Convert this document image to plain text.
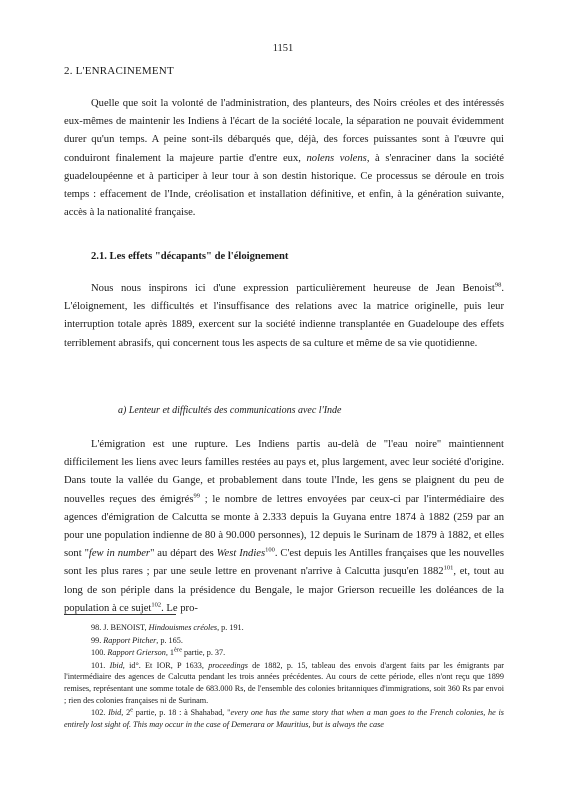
1151
2. L'ENRACINEMENT

Quelle que soit la volonté de l'administration, des planteurs, des Noirs créoles et des intéressés eux-mêmes de maintenir les Indiens à l'écart de la société locale, la séparation ne pouvait évidemment durer qu'un temps. A peine sont-ils débarqués que, déjà, des forces puissantes sont à l'œuvre qui conduiront finalement la majeure partie d'entre eux, nolens volens, à s'enraciner dans la société guadeloupéenne et à participer à leur tour à son destin historique. Ce processus se déroule en trois temps : effacement de l'Inde, créolisation et installation définitive, et enfin, à la génération suivante, accès à la nationalité française.

2.1. Les effets "décapants" de l'éloignement

Nous nous inspirons ici d'une expression particulièrement heureuse de Jean Benoist$^{98}$. L'éloignement, les difficultés et l'insuffisance des relations avec la matrice originelle, puis leur interruption totale après 1889, exercent sur la société indienne transplantée en Guadeloupe des effets terriblement abrasifs, qui concernent tous les aspects de sa culture et même de sa vie quotidienne.

a) Lenteur et difficultés des communications avec l'Inde

L'émigration est une rupture. Les Indiens partis au-delà de "l'eau noire" maintiennent difficilement les liens avec leurs familles restées au pays et, plus largement, avec leur société d'origine. Dans toute la vallée du Gange, et probablement dans toute l'Inde, les gens se plaignent du peu de nouvelles reçues des émigrés$^{99}$ ; le nombre de lettres envoyées par ceux-ci par l'intermédiaire des agences d'émigration de Calcutta se monte à 2.333 depuis la Guyana entre 1874 à 1882 (259 par an pour une population indienne de 80 à 90.000 personnes), 12 depuis le Surinam de 1879 à 1882, et elles sont "few in number" au départ des West Indies$^{100}$. C'est depuis les Antilles françaises que les nouvelles sont les plus rares ; par une seule lettre en provenant n'arrive à Calcutta jusqu'en 1882$^{101}$, et, tout au long de son périple dans la présidence du Bengale, le major Grierson recueille les doléances de la population à ce sujet$^{102}$. Le pro-

98. J. BENOIST, Hindouismes créoles, p. 191.

99. Rapport Pitcher, p. 165.

100. Rapport Grierson, 1ère partie, p. 37.

101. Ibid, id°. Et IOR, P 1633, proceedings de 1882, p. 15, tableau des envois d'argent faits par les émigrants par l'intermédiaire des agences de Calcutta pendant les trois années précédentes. Au cours de cette période, elles n'ont reçu que 1899 remises, représentant une somme totale de 683.000 Rs, de l'ensemble des colonies britanniques d'immigrations, soit 360 Rs par envoi ; rien des colonies françaises ni de Surinam.

102. Ibid, 2e partie, p. 18 : à Shahabad, "every one has the same story that when a man goes to the French colonies, he is entirely lost sight of. This may occur in the case of Demerara or Mauritius, but is always the case
